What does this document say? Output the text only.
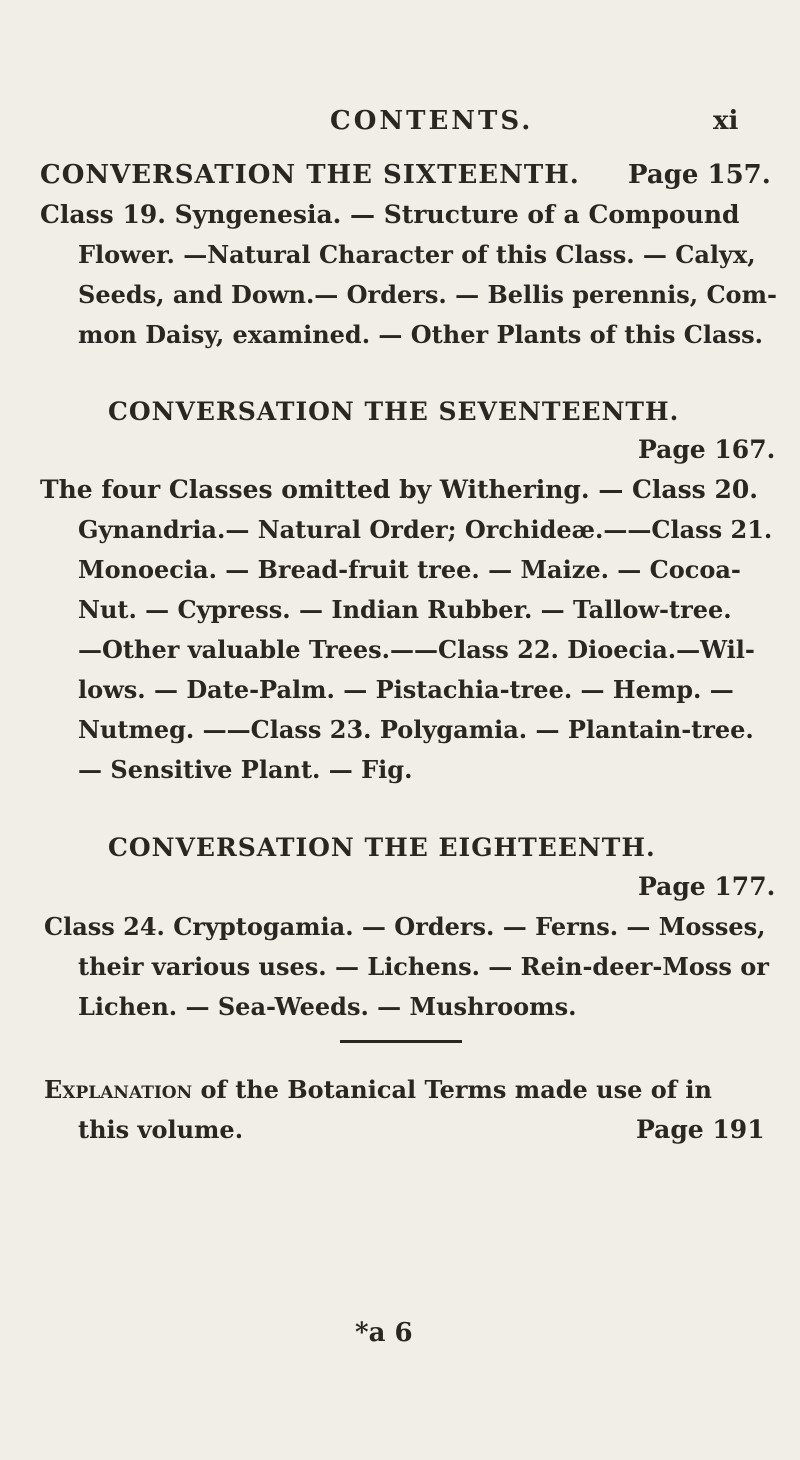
CONTENTS.	xi
CONVERSATION THE SIXTEENTH. Page 157.
Class 19. Syngenesia. — Structure of a Compound
Flower. —Natural Character of this Class. — Calyx,
Seeds, and Down.— Orders. — Bellis perennis, Com-
mon Daisy, examined. — Other Plants of this Class.
CONVERSATION THE SEVENTEENTH.
Page 167.
The four Classes omitted by Withering. — Class 20.
Gynandria.— Natural Order; Orchideæ.——Class 21.
Monoecia. — Bread-fruit tree. — Maize. — Cocoa-
Nut. — Cypress. — Indian Rubber. — Tallow-tree.
—Other valuable Trees.——Class 22. Dioecia.—Wil-
lows. — Date-Palm. — Pistachia-tree. — Hemp. —
Nutmeg. ——Class 23. Polygamia. — Plantain-tree.
— Sensitive Plant. — Fig.
CONVERSATION THE EIGHTEENTH.
Page 177.
Class 24. Cryptogamia. — Orders. — Ferns. — Mosses,
their various uses. — Lichens. — Rein-deer-Moss or
Lichen. — Sea-Weeds. — Mushrooms.
Explanation of the Botanical Terms made use of in
this volume.	Page 191
*a 6
